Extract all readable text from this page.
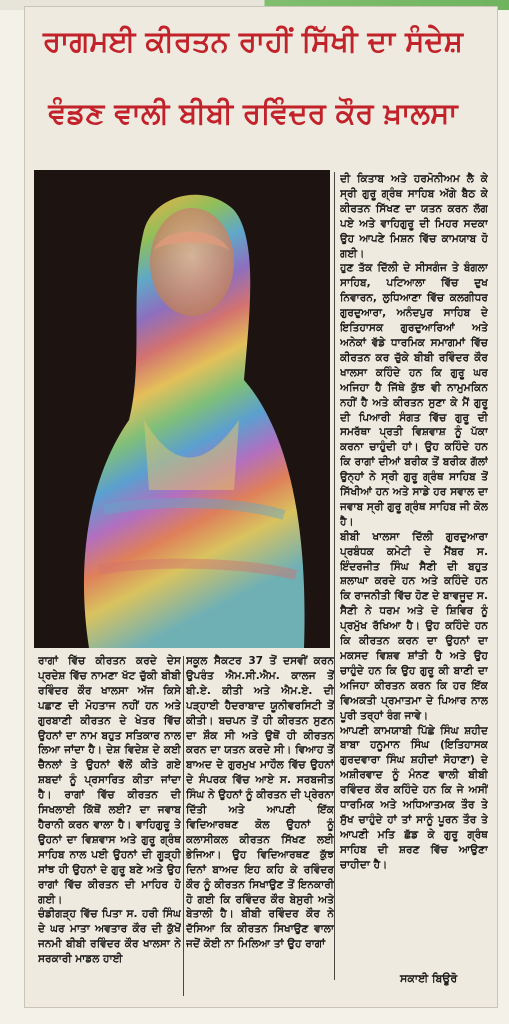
ਰਾਗਮਈ ਕੀਰਤਨ ਰਾਹੀਂ ਸਿੱਖੀ ਦਾ ਸੰਦੇਸ਼
ਵੰਡਣ ਵਾਲੀ ਬੀਬੀ ਰਵਿੰਦਰ ਕੌਰ ਖ਼ਾਲਸਾ
ਦੀ ਕਿਤਾਬ ਅਤੇ ਹਰਮੋਨੀਅਮ ਲੈ ਕੇ ਸ੍ਰੀ ਗੁਰੂ ਗ੍ਰੰਥ ਸਾਹਿਬ ਅੱਗੇ ਬੈਠ ਕੇ ਕੀਰਤਨ ਸਿੱਖਣ ਦਾ ਯਤਨ ਕਰਨ ਲੱਗ ਪਏ ਅਤੇ ਵਾਹਿਗੁਰੂ ਦੀ ਮਿਹਰ ਸਦਕਾ ਉਹ ਆਪਣੇ ਮਿਸ਼ਨ ਵਿੱਚ ਕਾਮਯਾਬ ਹੋ ਗਈ।
ਹੁਣ ਤੱਕ ਦਿੱਲੀ ਦੇ ਸੀਸਗੰਜ ਤੇ ਬੰਗਲਾ ਸਾਹਿਬ, ਪਟਿਆਲਾ ਵਿੱਚ ਦੁਖ ਨਿਵਾਰਨ, ਲੁਧਿਆਣਾ ਵਿੱਚ ਕਲਗੀਧਰ ਗੁਰਦੁਆਰਾ, ਅਨੰਦਪੁਰ ਸਾਹਿਬ ਦੇ ਇਤਿਹਾਸਕ ਗੁਰਦੁਆਰਿਆਂ ਅਤੇ ਅਨੇਕਾਂ ਵੱਡੇ ਧਾਰਮਿਕ ਸਮਾਗਮਾਂ ਵਿੱਚ ਕੀਰਤਨ ਕਰ ਚੁੱਕੇ ਬੀਬੀ ਰਵਿੰਦਰ ਕੌਰ ਖਾਲਸਾ ਕਹਿੰਦੇ ਹਨ ਕਿ ਗੁਰੂ ਘਰ ਅਜਿਹਾ ਹੈ ਜਿੱਥੇ ਕੁੱਝ ਵੀ ਨਾਮੁਮਕਿਨ ਨਹੀਂ ਹੈ ਅਤੇ ਕੀਰਤਨ ਸੁਣਾ ਕੇ ਮੈਂ ਗੁਰੂ ਦੀ ਪਿਆਰੀ ਸੰਗਤ ਵਿੱਚ ਗੁਰੂ ਦੀ ਸਮਰੱਥਾ ਪ੍ਰਤੀ ਵਿਸ਼ਵਾਸ਼ ਨੂੰ ਪੱਕਾ ਕਰਨਾ ਚਾਹੁੰਦੀ ਹਾਂ। ਉਹ ਕਹਿੰਦੇ ਹਨ ਕਿ ਰਾਗਾਂ ਦੀਆਂ ਬਰੀਕ ਤੋਂ ਬਰੀਕ ਗੱਲਾਂ ਉਨ੍ਹਾਂ ਨੇ ਸ੍ਰੀ ਗੁਰੂ ਗ੍ਰੰਥ ਸਾਹਿਬ ਤੋਂ ਸਿੱਖੀਆਂ ਹਨ ਅਤੇ ਸਾਡੇ ਹਰ ਸਵਾਲ ਦਾ ਜਵਾਬ ਸ੍ਰੀ ਗੁਰੂ ਗ੍ਰੰਥ ਸਾਹਿਬ ਜੀ ਕੋਲ ਹੈ।
ਬੀਬੀ ਖਾਲਸਾ ਦਿੱਲੀ ਗੁਰਦੁਆਰਾ ਪ੍ਰਬੰਧਕ ਕਮੇਟੀ ਦੇ ਮੈਂਬਰ ਸ. ਇੰਦਰਜੀਤ ਸਿੰਘ ਸੈਣੀ ਦੀ ਬਹੁਤ ਸ਼ਲਾਘਾ ਕਰਦੇ ਹਨ ਅਤੇ ਕਹਿੰਦੇ ਹਨ ਕਿ ਰਾਜਨੀਤੀ ਵਿੱਚ ਹੋਣ ਦੇ ਬਾਵਜੂਦ ਸ. ਸੈਣੀ ਨੇ ਧਰਮ ਅਤੇ ਦੇ ਸ਼ਿਵਿਰ ਨੂੰ ਪ੍ਰਮੁੱਖ ਰੱਖਿਆ ਹੈ। ਉਹ ਕਹਿੰਦੇ ਹਨ ਕਿ ਕੀਰਤਨ ਕਰਨ ਦਾ ਉਹਨਾਂ ਦਾ ਮਕਸਦ ਵਿਸ਼ਵ ਸ਼ਾਂਤੀ ਹੈ ਅਤੇ ਉਹ ਚਾਹੁੰਦੇ ਹਨ ਕਿ ਉਹ ਗੁਰੂ ਕੀ ਬਾਣੀ ਦਾ ਅਜਿਹਾ ਕੀਰਤਨ ਕਰਨ ਕਿ ਹਰ ਇੱਕ ਵਿਅਕਤੀ ਪ੍ਰਮਾਤਮਾ ਦੇ ਪਿਆਰ ਨਾਲ ਪੂਰੀ ਤਰ੍ਹਾਂ ਰੰਗ ਜਾਵੇ।
ਆਪਣੀ ਕਾਮਯਾਬੀ ਪਿੱਛੇ ਸਿੰਘ ਸ਼ਹੀਦ ਬਾਬਾ ਹਨੂਮਾਨ ਸਿੰਘ (ਇਤਿਹਾਸਕ ਗੁਰਦਵਾਰਾ ਸਿੰਘ ਸ਼ਹੀਦਾਂ ਸੋਹਾਣਾ) ਦੇ ਅਸ਼ੀਰਵਾਦ ਨੂੰ ਮੰਨਣ ਵਾਲੀ ਬੀਬੀ ਰਵਿੰਦਰ ਕੌਰ ਕਹਿੰਦੇ ਹਨ ਕਿ ਜੇ ਅਸੀਂ ਧਾਰਮਿਕ ਅਤੇ ਅਧਿਆਤਮਕ ਤੌਰ ਤੇ ਸੁੱਖ ਚਾਹੁੰਦੇ ਹਾਂ ਤਾਂ ਸਾਨੂੰ ਪੂਰਨ ਤੌਰ ਤੇ ਆਪਣੀ ਮਤਿ ਛੱਡ ਕੇ ਗੁਰੂ ਗ੍ਰੰਥ ਸਾਹਿਬ ਦੀ ਸ਼ਰਣ ਵਿੱਚ ਆਉਣਾ ਚਾਹੀਦਾ ਹੈ।
ਰਾਗਾਂ ਵਿੱਚ ਕੀਰਤਨ ਕਰਦੇ ਦੇਸ ਪ੍ਰਦੇਸ਼ ਵਿੱਚ ਨਾਮਣਾ ਖੱਟ ਚੁੱਕੀ ਬੀਬੀ ਰਵਿੰਦਰ ਕੌਰ ਖਾਲਸਾ ਅੱਜ ਕਿਸੇ ਪਛਾਣ ਦੀ ਮੋਹਤਾਜ ਨਹੀਂ ਹਨ ਅਤੇ ਗੁਰਬਾਣੀ ਕੀਰਤਨ ਦੇ ਖੇਤਰ ਵਿੱਚ ਉਹਨਾਂ ਦਾ ਨਾਮ ਬਹੁਤ ਸਤਿਕਾਰ ਨਾਲ ਲਿਆ ਜਾਂਦਾ ਹੈ। ਦੇਸ਼ ਵਿਦੇਸ਼ ਦੇ ਕਈ ਚੈਨਲਾਂ ਤੇ ਉਹਨਾਂ ਵੱਲੋਂ ਕੀਤੇ ਗਏ ਸ਼ਬਦਾਂ ਨੂੰ ਪ੍ਰਸਾਰਿਤ ਕੀਤਾ ਜਾਂਦਾ ਹੈ। ਰਾਗਾਂ ਵਿੱਚ ਕੀਰਤਨ ਦੀ ਸਿਖਲਾਈ ਕਿੱਥੋਂ ਲਈ? ਦਾ ਜਵਾਬ ਹੈਰਾਨੀ ਕਰਨ ਵਾਲਾ ਹੈ। ਵਾਹਿਗੁਰੂ ਤੇ ਉਹਨਾਂ ਦਾ ਵਿਸ਼ਵਾਸ ਅਤੇ ਗੁਰੂ ਗ੍ਰੰਥ ਸਾਹਿਬ ਨਾਲ ਪਈ ਉਹਨਾਂ ਦੀ ਗੂੜ੍ਹੀ ਸਾਂਝ ਹੀ ਉਹਨਾਂ ਦੇ ਗੁਰੂ ਬਣੇ ਅਤੇ ਉਹ ਰਾਗਾਂ ਵਿੱਚ ਕੀਰਤਨ ਦੀ ਮਾਹਿਰ ਹੋ ਗਈ।
ਚੰਡੀਗੜ੍ਹ ਵਿੱਚ ਪਿਤਾ ਸ. ਹਰੀ ਸਿੰਘ ਦੇ ਘਰ ਮਾਤਾ ਅਵਤਾਰ ਕੌਰ ਦੀ ਕੁੱਖੋਂ ਜਨਮੀ ਬੀਬੀ ਰਵਿੰਦਰ ਕੌਰ ਖਾਲਸਾ ਨੇ ਸਰਕਾਰੀ ਮਾਡਲ ਹਾਈ
ਸਕੂਲ ਸੈਕਟਰ 37 ਤੋਂ ਦਸਵੀਂ ਕਰਨ ਉਪਰੰਤ ਐਮ.ਸੀ.ਐਮ. ਕਾਲਜ ਤੋਂ ਬੀ.ਏ. ਕੀਤੀ ਅਤੇ ਐਮ.ਏ. ਦੀ ਪੜ੍ਹਾਈ ਹੈਦਰਾਬਾਦ ਯੂਨੀਵਰਸਿਟੀ ਤੋਂ ਕੀਤੀ। ਬਚਪਨ ਤੋਂ ਹੀ ਕੀਰਤਨ ਸੁਣਨ ਦਾ ਸ਼ੌਕ ਸੀ ਅਤੇ ਉਥੋਂ ਹੀ ਕੀਰਤਨ ਕਰਨ ਦਾ ਯਤਨ ਕਰਦੇ ਸੀ। ਵਿਆਹ ਤੋਂ ਬਾਅਦ ਦੇ ਗੁਰਮੁਖ ਮਾਹੌਲ ਵਿੱਚ ਉਹਨਾਂ ਦੇ ਸੰਪਰਕ ਵਿੱਚ ਆਏ ਸ. ਸਰਬਜੀਤ ਸਿੰਘ ਨੇ ਉਹਨਾਂ ਨੂੰ ਕੀਰਤਨ ਦੀ ਪ੍ਰੇਰਨਾ ਦਿੱਤੀ ਅਤੇ ਆਪਣੀ ਇੱਕ ਵਿਦਿਆਰਥਣ ਕੋਲ ਉਹਨਾਂ ਨੂੰ ਕਲਾਸੀਕਲ ਕੀਰਤਨ ਸਿੱਖਣ ਲਈ ਭੇਜਿਆ। ਉਹ ਵਿਦਿਆਰਥਣ ਕੁੱਝ ਦਿਨਾਂ ਬਾਅਦ ਇਹ ਕਹਿ ਕੇ ਰਵਿੰਦਰ ਕੌਰ ਨੂੰ ਕੀਰਤਨ ਸਿਖਾਉਣ ਤੋਂ ਇਨਕਾਰੀ ਹੋ ਗਈ ਕਿ ਰਵਿੰਦਰ ਕੌਰ ਬੇਸੁਰੀ ਅਤੇ ਬੇਤਾਲੀ ਹੈ। ਬੀਬੀ ਰਵਿੰਦਰ ਕੌਰ ਨੇ ਦੱਸਿਆ ਕਿ ਕੀਰਤਨ ਸਿਖਾਉਣ ਵਾਲਾ ਜਦੋਂ ਕੋਈ ਨਾ ਮਿਲਿਆ ਤਾਂ ਉਹ ਰਾਗਾਂ
ਸਕਾਈ ਬਿਊਰੋ
